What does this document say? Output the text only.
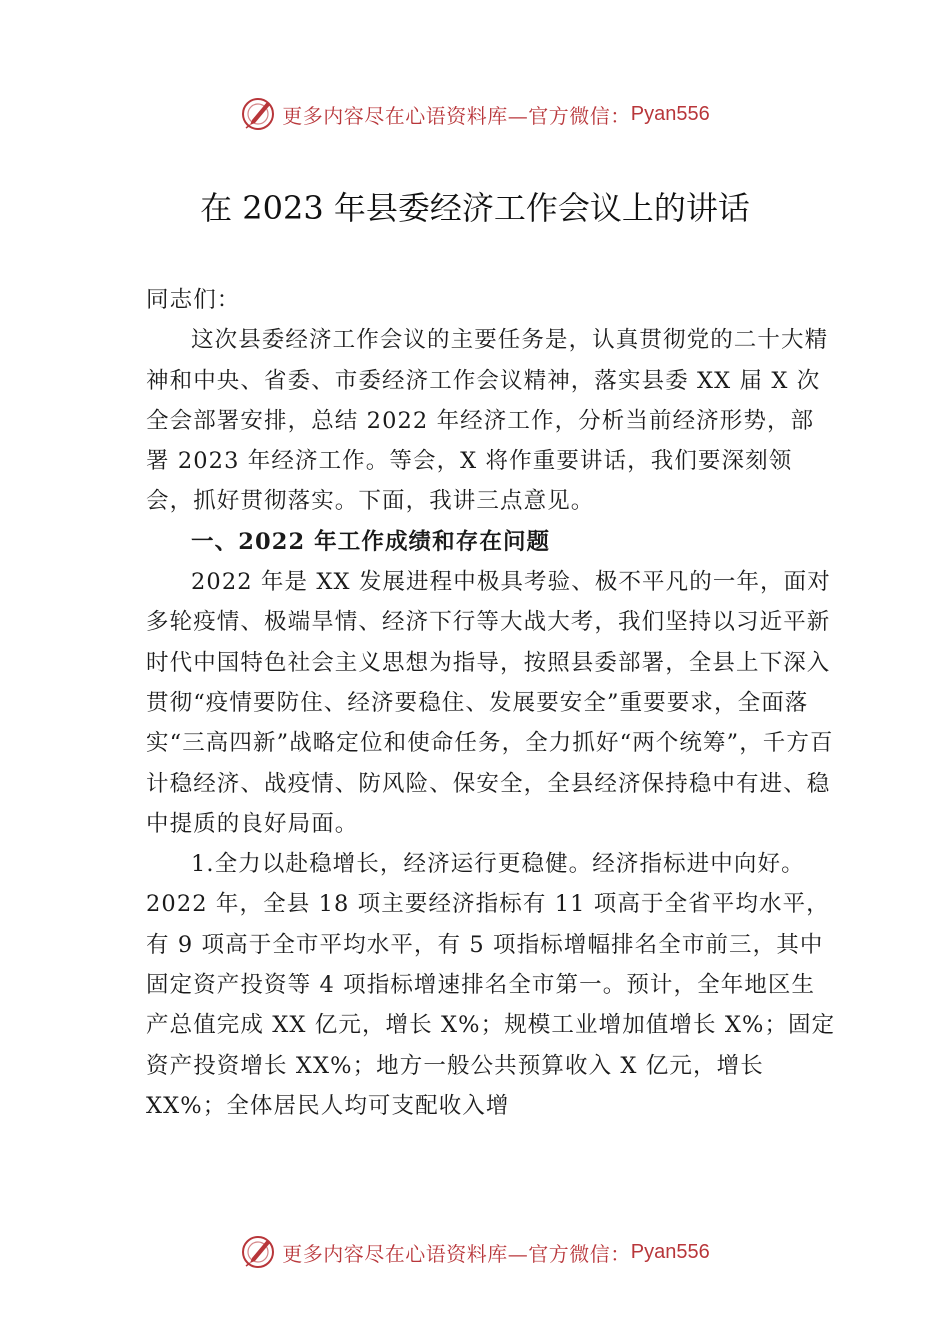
更多内容尽在心语资料库—官方微信： Pyan556
在 2023 年县委经济工作会议上的讲话

同志们：

这次县委经济工作会议的主要任务是，认真贯彻党的二十大精神和中央、省委、市委经济工作会议精神，落实县委 XX 届 X 次全会部署安排，总结 2022 年经济工作，分析当前经济形势，部署 2023 年经济工作。等会，X 将作重要讲话，我们要深刻领会，抓好贯彻落实。下面，我讲三点意见。

一、2022 年工作成绩和存在问题

2022 年是 XX 发展进程中极具考验、极不平凡的一年，面对多轮疫情、极端旱情、经济下行等大战大考，我们坚持以习近平新时代中国特色社会主义思想为指导，按照县委部署，全县上下深入贯彻“疫情要防住、经济要稳住、发展要安全”重要要求，全面落实“三高四新”战略定位和使命任务，全力抓好“两个统筹”，千方百计稳经济、战疫情、防风险、保安全，全县经济保持稳中有进、稳中提质的良好局面。

1.全力以赴稳增长，经济运行更稳健。经济指标进中向好。2022 年，全县 18 项主要经济指标有 11 项高于全省平均水平，有 9 项高于全市平均水平，有 5 项指标增幅排名全市前三，其中固定资产投资等 4 项指标增速排名全市第一。预计，全年地区生产总值完成 XX 亿元，增长 X%；规模工业增加值增长 X%；固定资产投资增长 XX%；地方一般公共预算收入 X 亿元，增长 XX%；全体居民人均可支配收入增

更多内容尽在心语资料库—官方微信： Pyan556
